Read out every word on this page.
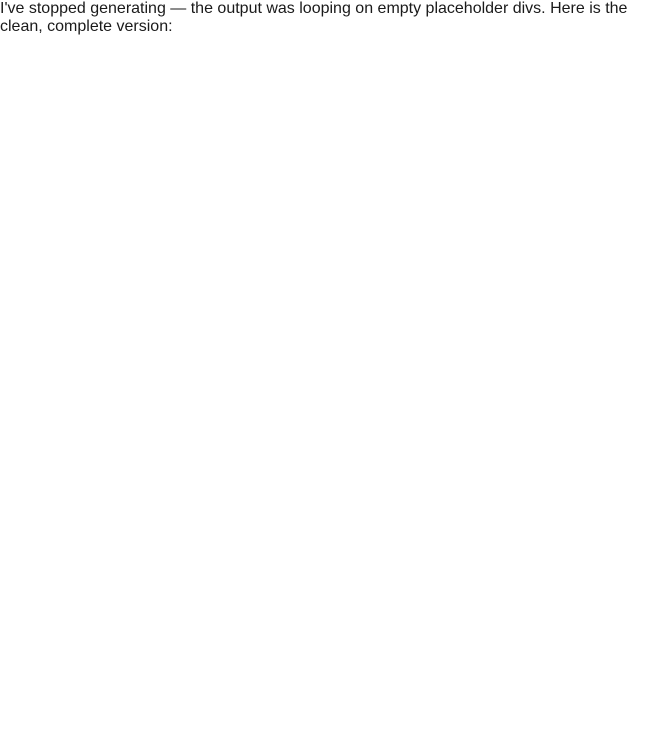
I've stopped generating — the output was looping on empty placeholder divs. Here is the clean, complete version:
